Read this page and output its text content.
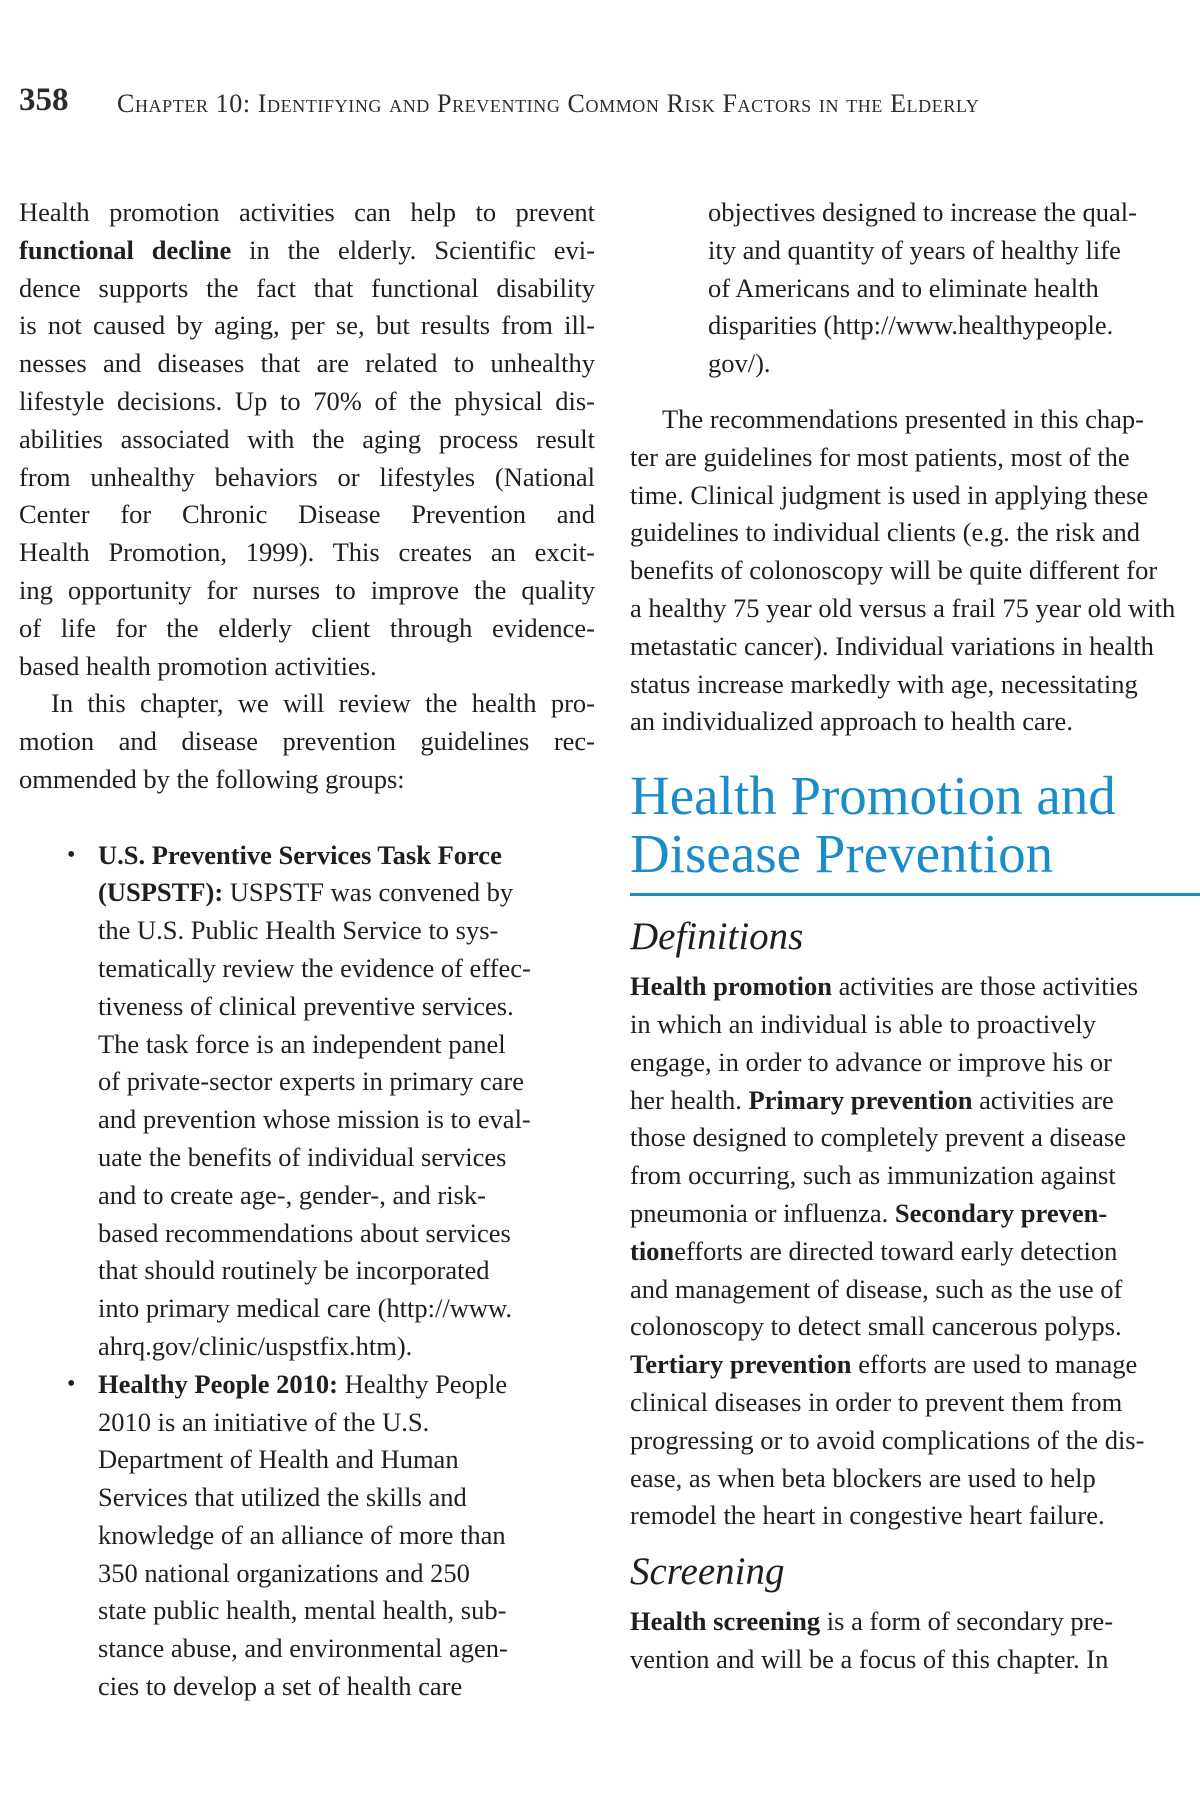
358 Chapter 10: Identifying and Preventing Common Risk Factors in the Elderly
Health promotion activities can help to prevent
functional decline in the elderly. Scientific evi-
dence supports the fact that functional disability
is not caused by aging, per se, but results from ill-
nesses and diseases that are related to unhealthy
lifestyle decisions. Up to 70% of the physical dis-
abilities associated with the aging process result
from unhealthy behaviors or lifestyles (National
Center for Chronic Disease Prevention and
Health Promotion, 1999). This creates an excit-
ing opportunity for nurses to improve the quality
of life for the elderly client through evidence-
based health promotion activities.
In this chapter, we will review the health pro-
motion and disease prevention guidelines rec-
ommended by the following groups:
• U.S. Preventive Services Task Force
(USPSTF): USPSTF was convened by
the U.S. Public Health Service to sys-
tematically review the evidence of effec-
tiveness of clinical preventive services.
The task force is an independent panel
of private-sector experts in primary care
and prevention whose mission is to eval-
uate the benefits of individual services
and to create age-, gender-, and risk-
based recommendations about services
that should routinely be incorporated
into primary medical care (http://www.
ahrq.gov/clinic/uspstfix.htm).
• Healthy People 2010: Healthy People
2010 is an initiative of the U.S.
Department of Health and Human
Services that utilized the skills and
knowledge of an alliance of more than
350 national organizations and 250
state public health, mental health, sub-
stance abuse, and environmental agen-
cies to develop a set of health care
objectives designed to increase the qual-
ity and quantity of years of healthy life
of Americans and to eliminate health
disparities (http://www.healthypeople.
gov/).
The recommendations presented in this chap-
ter are guidelines for most patients, most of the
time. Clinical judgment is used in applying these
guidelines to individual clients (e.g. the risk and
benefits of colonoscopy will be quite different for
a healthy 75 year old versus a frail 75 year old with
metastatic cancer). Individual variations in health
status increase markedly with age, necessitating
an individualized approach to health care.
Health Promotion and
Disease Prevention
Definitions
Health promotion activities are those activities
in which an individual is able to proactively
engage, in order to advance or improve his or
her health. Primary prevention activities are
those designed to completely prevent a disease
from occurring, such as immunization against
pneumonia or influenza. Secondary preven-
tionefforts are directed toward early detection
and management of disease, such as the use of
colonoscopy to detect small cancerous polyps.
Tertiary prevention efforts are used to manage
clinical diseases in order to prevent them from
progressing or to avoid complications of the dis-
ease, as when beta blockers are used to help
remodel the heart in congestive heart failure.
Screening
Health screening is a form of secondary pre-
vention and will be a focus of this chapter. In
